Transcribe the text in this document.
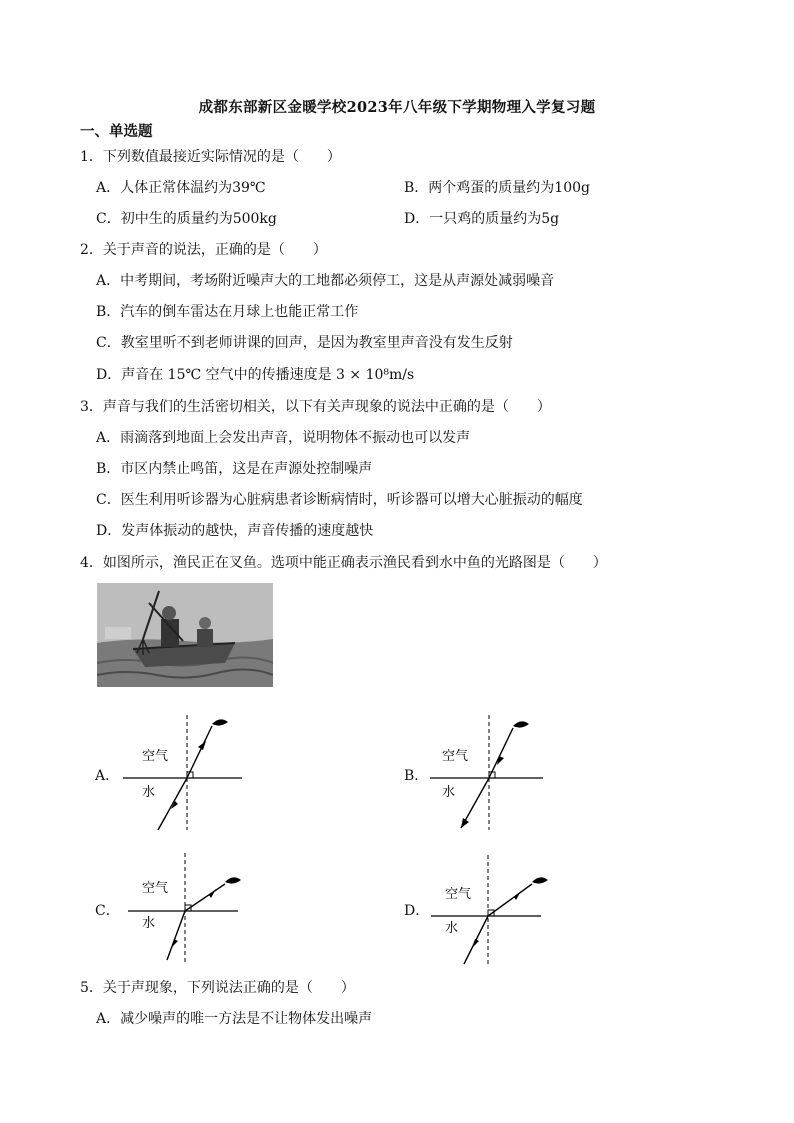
成都东部新区金暖学校2023年八年级下学期物理入学复习题
一、单选题
1．下列数值最接近实际情况的是（　　）
A．人体正常体温约为39℃	B．两个鸡蛋的质量约为100g
C．初中生的质量约为500kg	D．一只鸡的质量约为5g
2．关于声音的说法，正确的是（　　）
A．中考期间，考场附近噪声大的工地都必须停工，这是从声源处减弱噪音
B．汽车的倒车雷达在月球上也能正常工作
C．教室里听不到老师讲课的回声，是因为教室里声音没有发生反射
D．声音在 15℃ 空气中的传播速度是 3 × 10⁸m/s
3．声音与我们的生活密切相关，以下有关声现象的说法中正确的是（　　）
A．雨滴落到地面上会发出声音，说明物体不振动也可以发声
B．市区内禁止鸣笛，这是在声源处控制噪声
C．医生利用听诊器为心脏病患者诊断病情时，听诊器可以增大心脏振动的幅度
D．发声体振动的越快，声音传播的速度越快
4．如图所示，渔民正在叉鱼。选项中能正确表示渔民看到水中鱼的光路图是（　　）
A．
空气
水
B．
空气
水
C．
空气
水
D．
空气
水
5．关于声现象，下列说法正确的是（　　）
A．减少噪声的唯一方法是不让物体发出噪声
